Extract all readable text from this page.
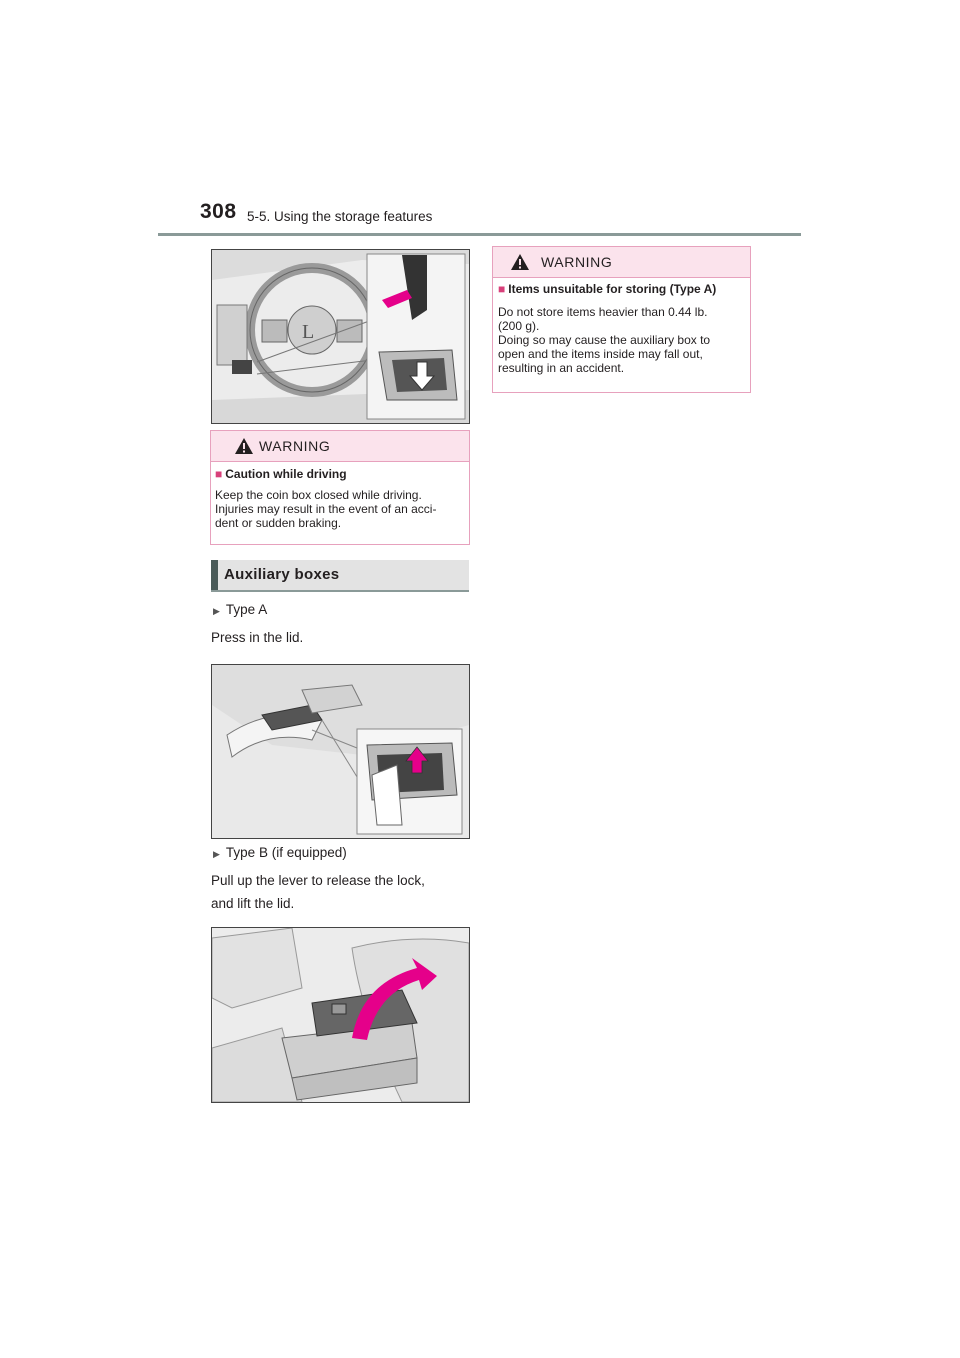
308 5-5. Using the storage features
L
WARNING
■ Caution while driving

Keep the coin box closed while driving.

Injuries may result in the event of an acci-

dent or sudden braking.

Auxiliary boxes
▶ Type A
Press in the lid.
▶ Type B (if equipped)
Pull up the lever to release the lock,
and lift the lid.
WARNING
■ Items unsuitable for storing (Type A)

Do not store items heavier than 0.44 lb.

(200 g).

Doing so may cause the auxiliary box to

open and the items inside may fall out,

resulting in an accident.
